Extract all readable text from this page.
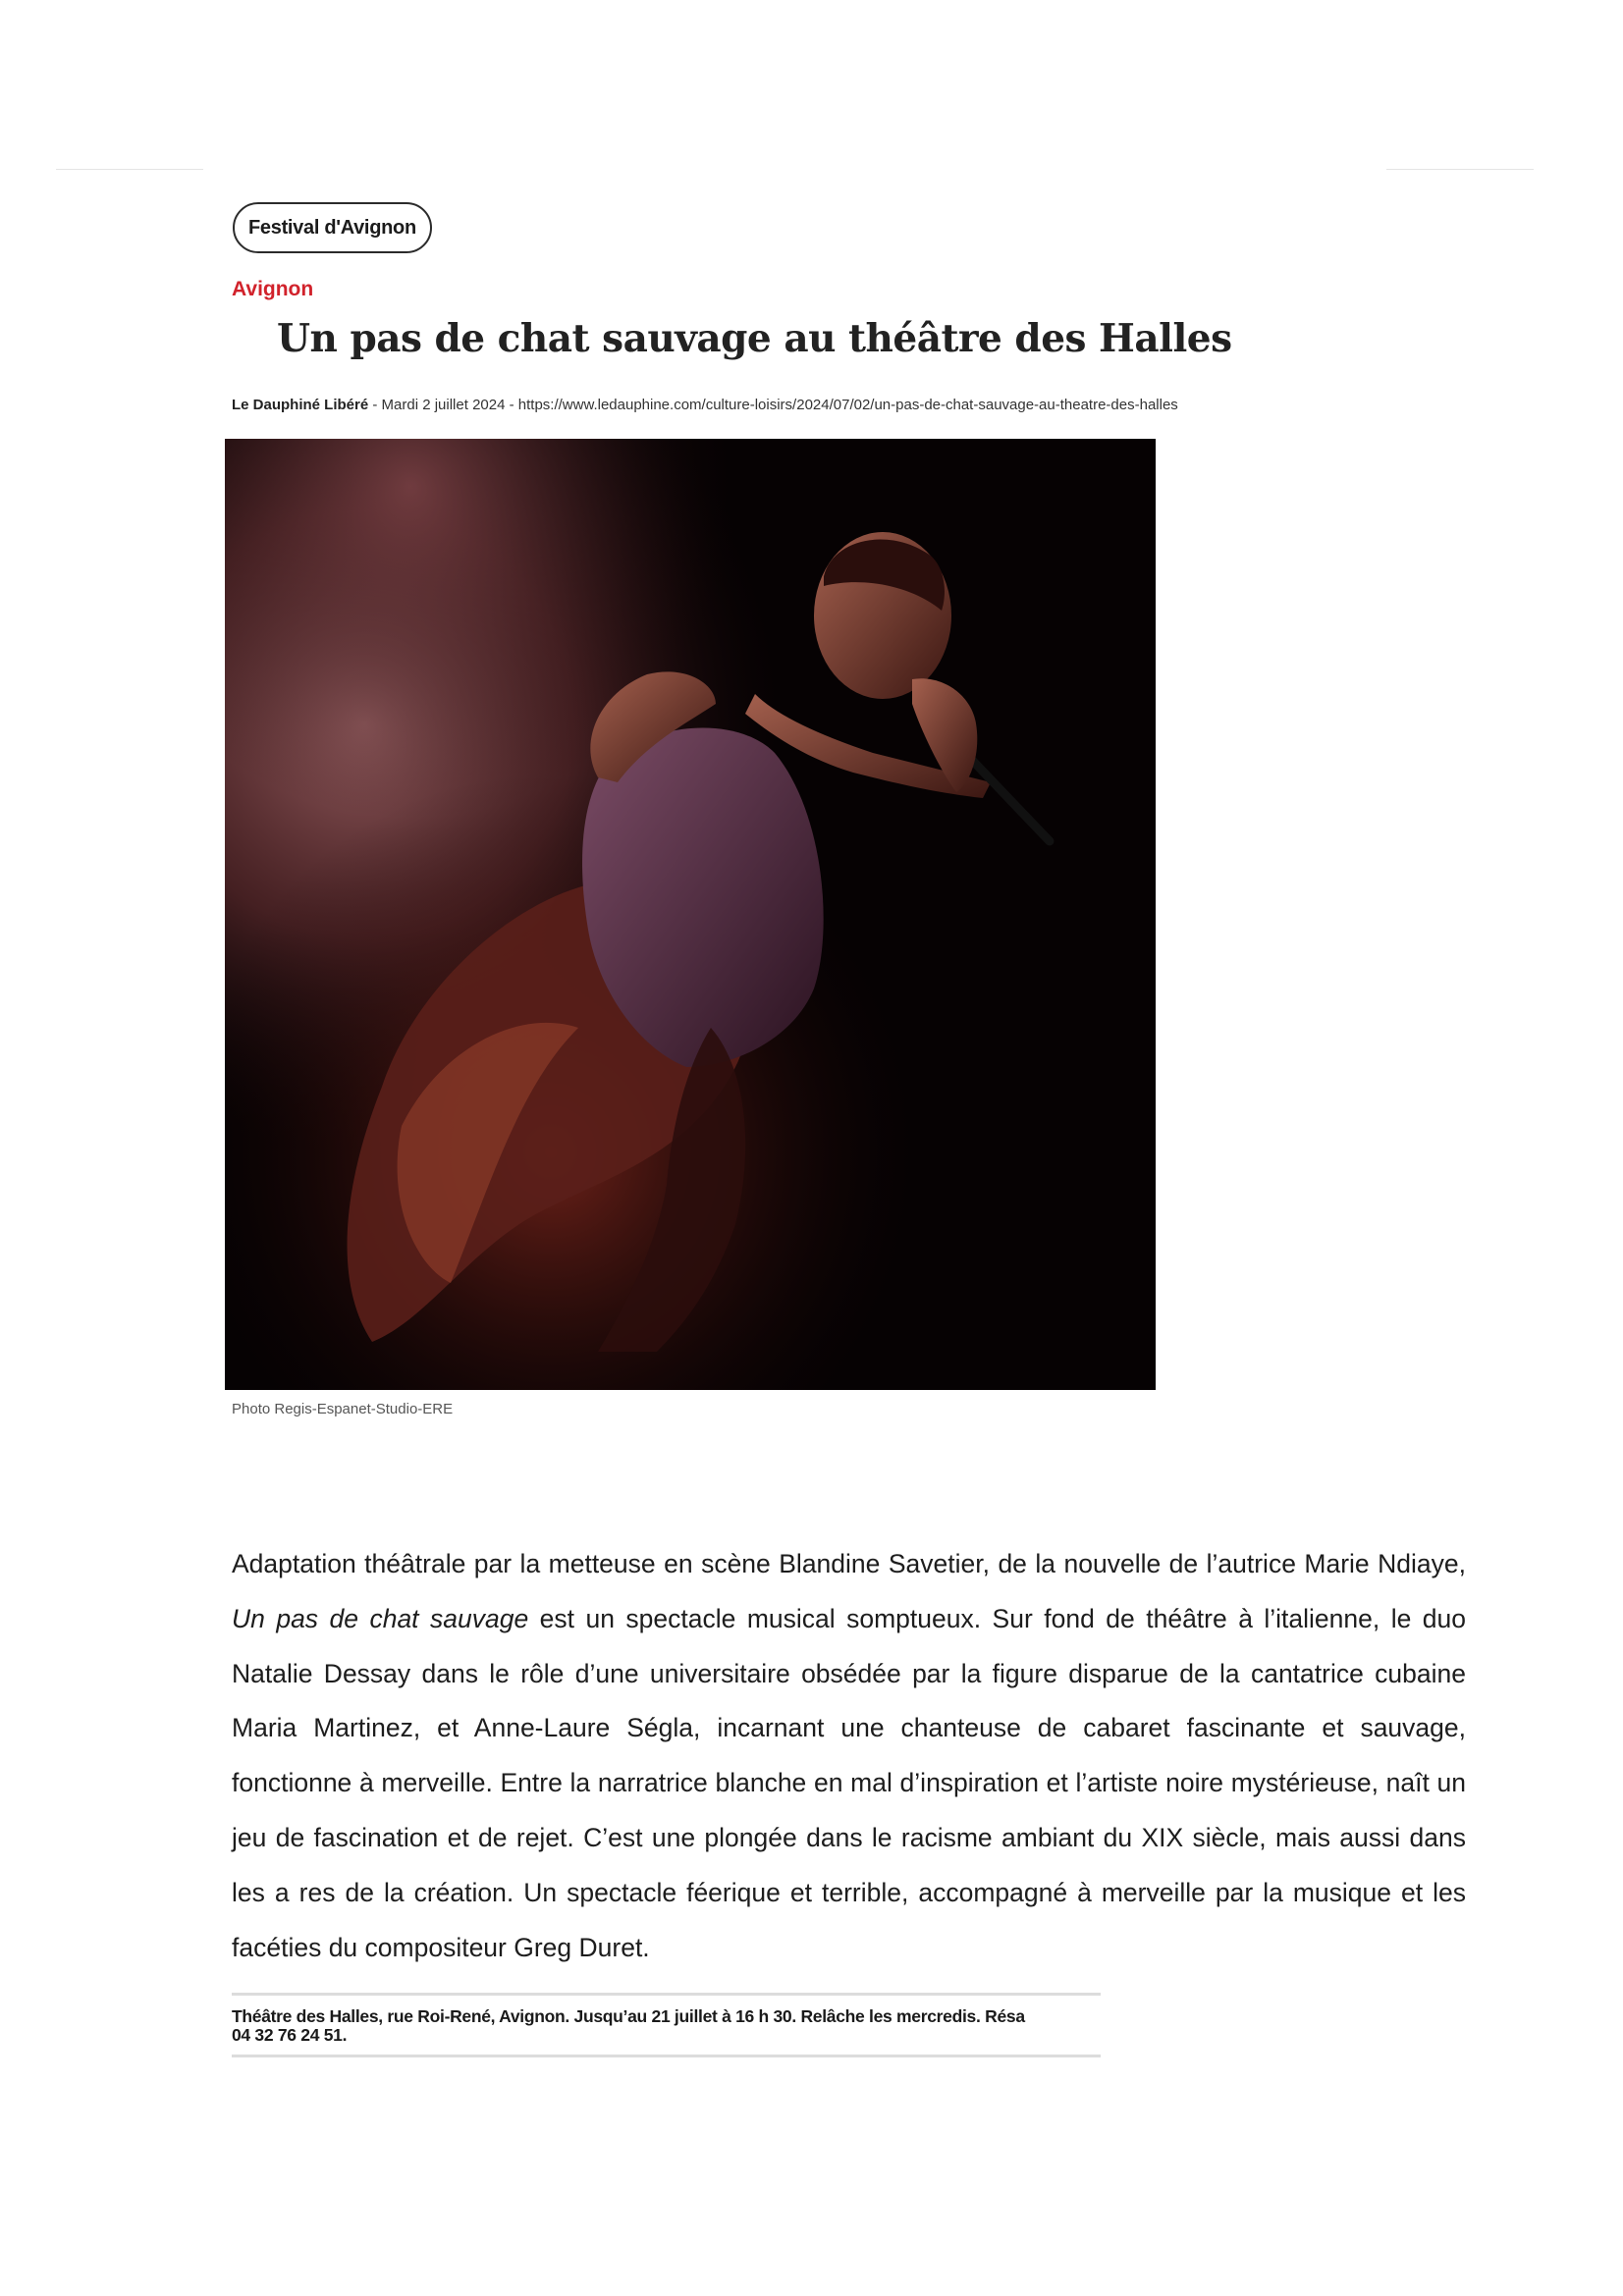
Festival d'Avignon
Avignon
Un pas de chat sauvage au théâtre des Halles
Le Dauphiné Libéré - Mardi 2 juillet 2024 - https://www.ledauphine.com/culture-loisirs/2024/07/02/un-pas-de-chat-sauvage-au-theatre-des-halles
Photo Regis-Espanet-Studio-ERE

Adaptation théâtrale par la metteuse en scène Blandine Savetier, de la nouvelle de l’autrice Marie Ndiaye, Un pas de chat sauvage est un spectacle musical somptueux. Sur fond de théâtre à l’italienne, le duo Natalie Dessay dans le rôle d’une universitaire obsédée par la ﬁgure disparue de la cantatrice cubaine Maria Martinez, et Anne-Laure Ségla, incarnant une chanteuse de cabaret fascinante et sauvage, fonctionne à merveille. Entre la narratrice blanche en mal d’inspiration et l’artiste noire mystérieuse, naît un jeu de fascination et de rejet. C’est une plongée dans le racisme ambiant du XIX siècle, mais aussi dans les a res de la création. Un spectacle féerique et terrible, accompagné à merveille par la musique et les facéties du compositeur Greg Duret.

Théâtre des Halles, rue Roi-René, Avignon. Jusqu’au 21 juillet à 16 h 30. Relâche les mercredis. Résa 04 32 76 24 51.
